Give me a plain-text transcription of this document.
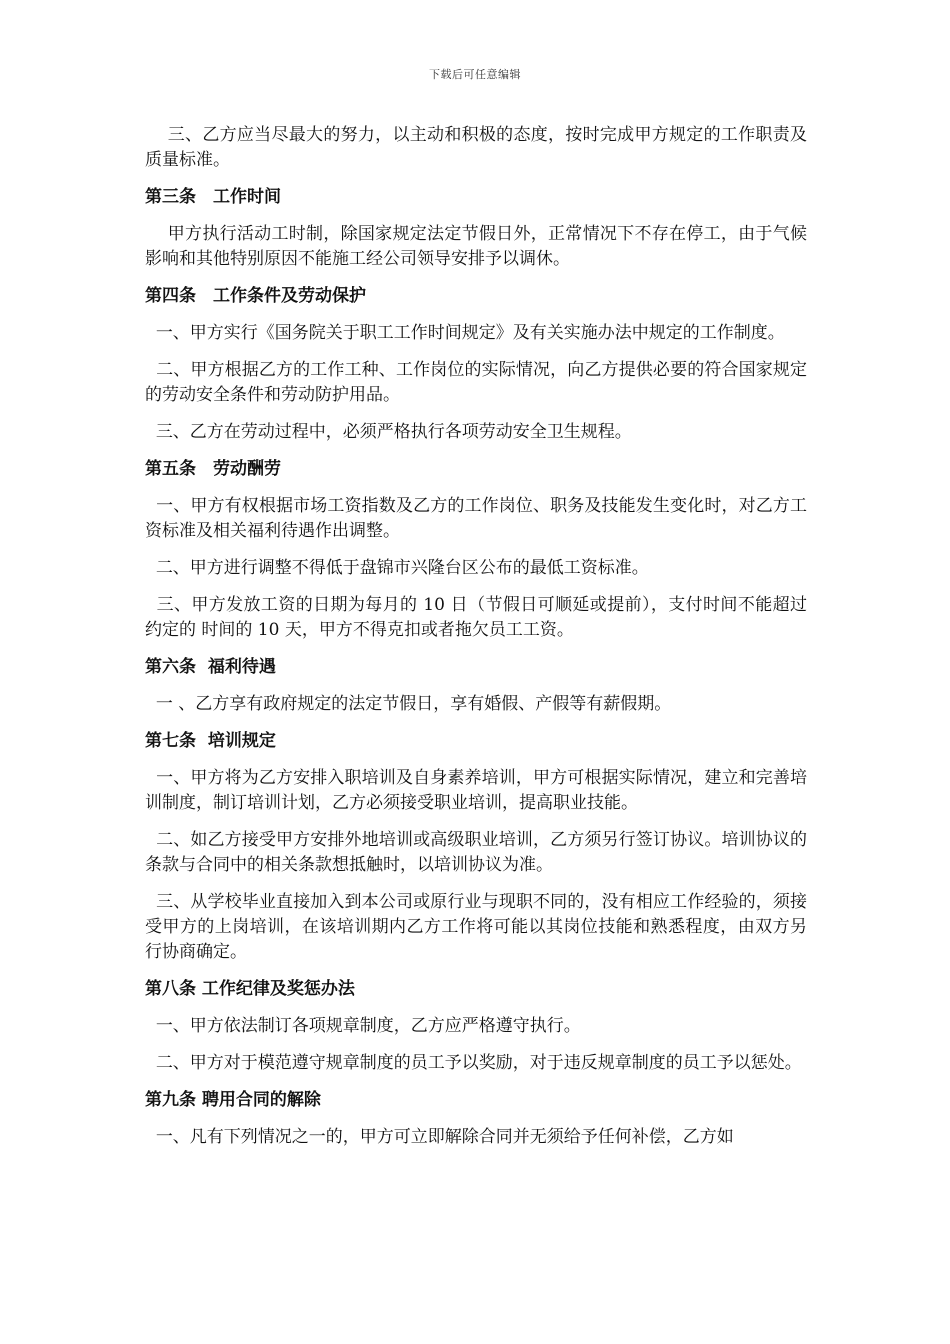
下载后可任意编辑
三、乙方应当尽最大的努力，以主动和积极的态度，按时完成甲方规定的工作职责及质量标准。
第三条　工作时间
甲方执行活动工时制，除国家规定法定节假日外，正常情况下不存在停工，由于气候影响和其他特别原因不能施工经公司领导安排予以调休。
第四条　工作条件及劳动保护
一、甲方实行《国务院关于职工工作时间规定》及有关实施办法中规定的工作制度。
二、甲方根据乙方的工作工种、工作岗位的实际情况，向乙方提供必要的符合国家规定的劳动安全条件和劳动防护用品。
三、乙方在劳动过程中，必须严格执行各项劳动安全卫生规程。
第五条　劳动酬劳
一、甲方有权根据市场工资指数及乙方的工作岗位、职务及技能发生变化时，对乙方工资标准及相关福利待遇作出调整。
二、甲方进行调整不得低于盘锦市兴隆台区公布的最低工资标准。
三、甲方发放工资的日期为每月的 10 日（节假日可顺延或提前），支付时间不能超过约定的 时间的 10 天，甲方不得克扣或者拖欠员工工资。
第六条  福利待遇
一 、乙方享有政府规定的法定节假日，享有婚假、产假等有薪假期。
第七条  培训规定
一、甲方将为乙方安排入职培训及自身素养培训，甲方可根据实际情况，建立和完善培训制度，制订培训计划，乙方必须接受职业培训，提高职业技能。
二、如乙方接受甲方安排外地培训或高级职业培训，乙方须另行签订协议。培训协议的条款与合同中的相关条款想抵触时，以培训协议为准。
三、从学校毕业直接加入到本公司或原行业与现职不同的，没有相应工作经验的，须接受甲方的上岗培训，在该培训期内乙方工作将可能以其岗位技能和熟悉程度，由双方另行协商确定。
第八条 工作纪律及奖惩办法
一、甲方依法制订各项规章制度，乙方应严格遵守执行。
二、甲方对于模范遵守规章制度的员工予以奖励，对于违反规章制度的员工予以惩处。
第九条 聘用合同的解除
一、凡有下列情况之一的，甲方可立即解除合同并无须给予任何补偿，乙方如
